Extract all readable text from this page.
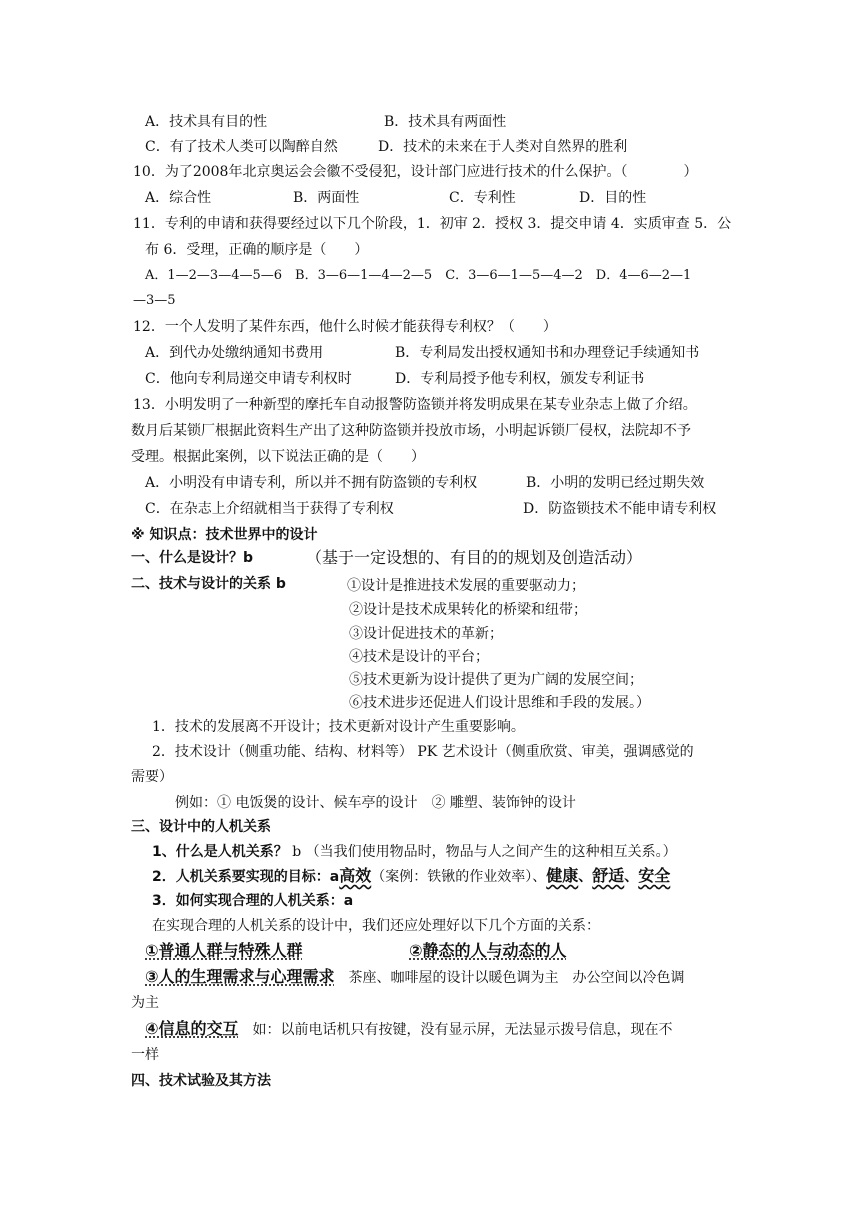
A．技术具有目的性	B．技术具有两面性
C．有了技术人类可以陶醉自然	D．技术的未来在于人类对自然界的胜利
10．为了2008年北京奥运会会徽不受侵犯，设计部门应进行技术的什么保护。（　　　　）
A．综合性	B．两面性	C．专利性	D．目的性
11．专利的申请和获得要经过以下几个阶段，1．初审 2．授权 3．提交申请 4．实质审查 5．公
布 6．受理，正确的顺序是（　　）
A．1—2—3—4—5—6　B．3—6—1—4—2—5　C．3—6—1—5—4—2　D．4—6—2—1
—3—5
12．一个人发明了某件东西，他什么时候才能获得专利权？（　　）
A．到代办处缴纳通知书费用	B．专利局发出授权通知书和办理登记手续通知书
C．他向专利局递交申请专利权时	D．专利局授予他专利权，颁发专利证书
13．小明发明了一种新型的摩托车自动报警防盗锁并将发明成果在某专业杂志上做了介绍。
数月后某锁厂根据此资料生产出了这种防盗锁并投放市场，小明起诉锁厂侵权，法院却不予
受理。根据此案例，以下说法正确的是（　　）
A．小明没有申请专利，所以并不拥有防盗锁的专利权	B．小明的发明已经过期失效
C．在杂志上介绍就相当于获得了专利权	D．防盗锁技术不能申请专利权
※ 知识点：技术世界中的设计
一、什么是设计？b	（基于一定设想的、有目的的规划及创造活动）
二、技术与设计的关系 b	①设计是推进技术发展的重要驱动力；
②设计是技术成果转化的桥梁和纽带；
③设计促进技术的革新；
④技术是设计的平台；
⑤技术更新为设计提供了更为广阔的发展空间；
⑥技术进步还促进人们设计思维和手段的发展。）
1．技术的发展离不开设计；技术更新对设计产生重要影响。
2．技术设计（侧重功能、结构、材料等） PK 艺术设计（侧重欣赏、审美，强调感觉的
需要）
例如：① 电饭煲的设计、候车亭的设计　② 雕塑、装饰钟的设计
三、设计中的人机关系
1、什么是人机关系？ b （当我们使用物品时，物品与人之间产生的这种相互关系。）
2．人机关系要实现的目标：a高效（案例：铁锹的作业效率）、健康、舒适、安全
3．如何实现合理的人机关系：a
在实现合理的人机关系的设计中，我们还应处理好以下几个方面的关系：
①普通人群与特殊人群	②静态的人与动态的人
③人的生理需求与心理需求　茶座、咖啡屋的设计以暖色调为主　办公空间以冷色调
为主
④信息的交互　如：以前电话机只有按键，没有显示屏，无法显示拨号信息，现在不
一样
四、技术试验及其方法
